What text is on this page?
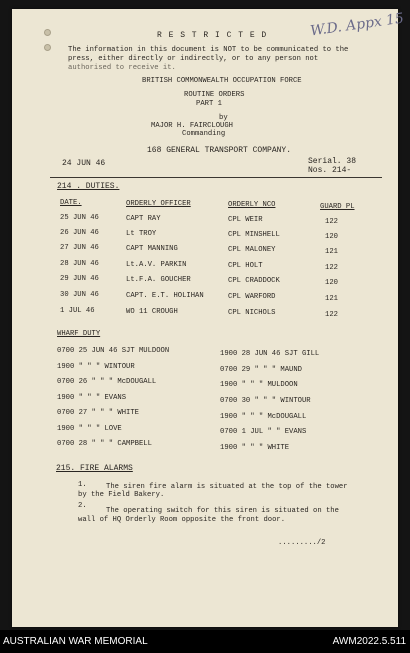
R E S T R I C T E D	W.D. Appx 15
The information in this document is NOT to be communicated to the
press, either directly or indirectly, or to any person not
authorised to receive it.
BRITISH COMMONWEALTH OCCUPATION FORCE
ROUTINE ORDERS
PART 1
by
MAJOR H. FAIRCLOUGH
Commanding
168 GENERAL TRANSPORT COMPANY.
24 JUN 46	Serial. 38
Nos. 214-
214 . DUTIES.
DATE.	ORDERLY OFFICER	ORDERLY NCO	GUARD PL
25 JUN 46	CAPT RAY	CPL WEIR	122
26 JUN 46	Lt TROY	CPL MINSHELL	120
27 JUN 46	CAPT MANNING	CPL MALONEY	121
28 JUN 46	Lt.A.V. PARKIN	CPL HOLT	122
29 JUN 46	Lt.F.A. GOUCHER	CPL CRADDOCK	120
30 JUN 46	CAPT. E.T. HOLIHAN	CPL WARFORD	121
1 JUL 46	WO 11 CROUGH	CPL NICHOLS	122
WHARF DUTY
0700 25 JUN 46 SJT MULDOON
1900 " " " WINTOUR
0700 26 " " " McDOUGALL
1900 " " " EVANS
0700 27 " " " WHITE
1900 " " " LOVE
0700 28 " " " CAMPBELL
1900 28 JUN 46 SJT GILL
0700 29 " " " MAUND
1900 " " " MULDOON
0700 30 " " " WINTOUR
1900 " " " McDOUGALL
0700 1 JUL " " EVANS
1900 " " " WHITE
215. FIRE ALARMS
1.	The siren fire alarm is situated at the top of the tower
by the Field Bakery.
2.
The operating switch for this siren is situated on the
wall of HQ Orderly Room opposite the front door.
........./2
AUSTRALIAN WAR MEMORIAL	AWM2022.5.511
